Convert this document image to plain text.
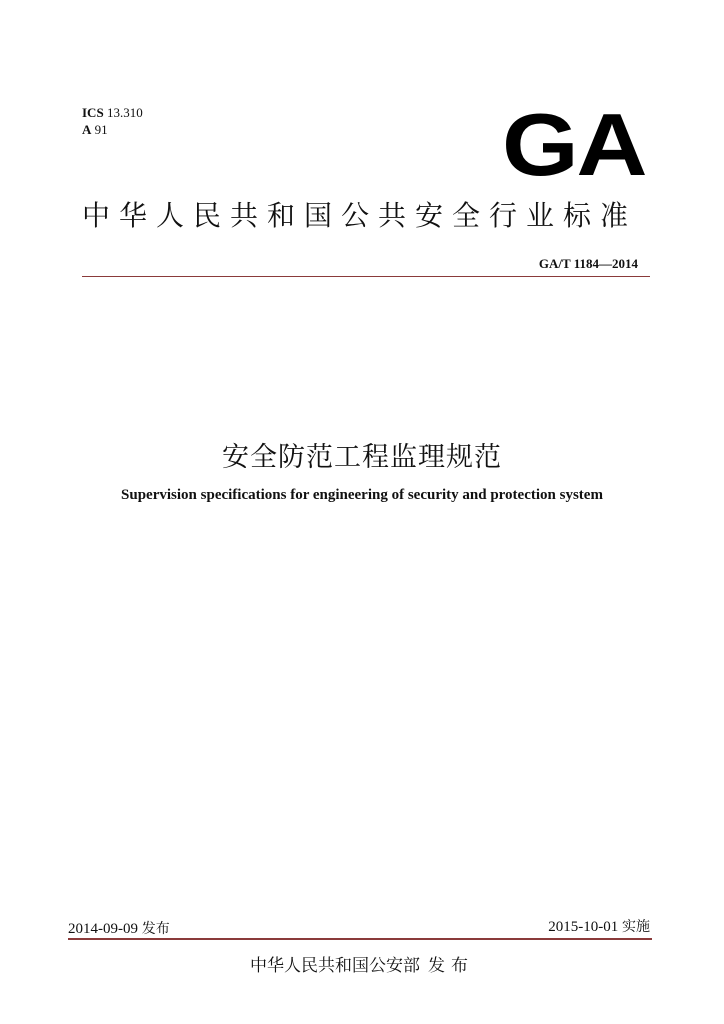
ICS 13.310
A 91	GA
中华人民共和国公共安全行业标准
GA/T 1184—2014
安全防范工程监理规范
Supervision specifications for engineering of security and protection system
2014-09-09 发布	2015-10-01 实施
中华人民共和国公安部 发布
